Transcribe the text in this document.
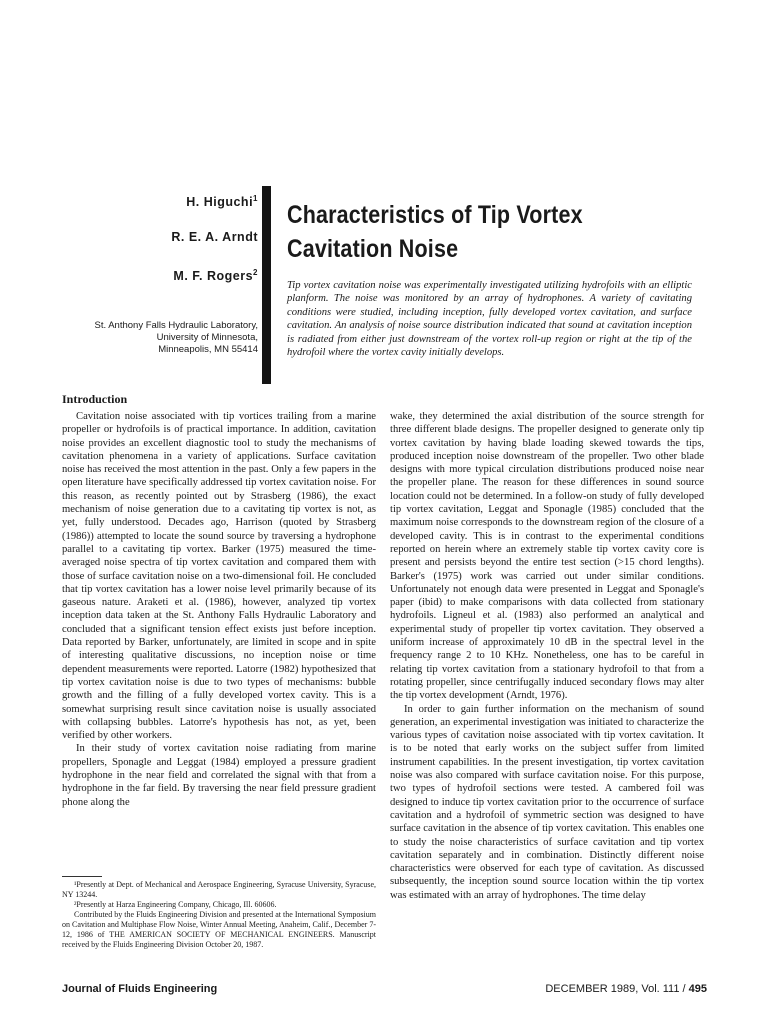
H. Higuchi$^1$

R. E. A. Arndt

M. F. Rogers$^2$

St. Anthony Falls Hydraulic Laboratory,
University of Minnesota,
Minneapolis, MN 55414
Characteristics of Tip Vortex
Cavitation Noise

Tip vortex cavitation noise was experimentally investigated utilizing hydrofoils with an elliptic planform. The noise was monitored by an array of hydrophones. A variety of cavitating conditions were studied, including inception, fully developed vortex cavitation, and surface cavitation. An analysis of noise source distribution indicated that sound at cavitation inception is radiated from either just downstream of the vortex roll-up region or right at the tip of the hydrofoil where the vortex cavity initially develops.

Introduction

Cavitation noise associated with tip vortices trailing from a marine propeller or hydrofoils is of practical importance. In addition, cavitation noise provides an excellent diagnostic tool to study the mechanisms of cavitation phenomena in a variety of applications. Surface cavitation noise has received the most attention in the past. Only a few papers in the open literature have specifically addressed tip vortex cavitation noise. For this reason, as recently pointed out by Strasberg (1986), the exact mechanism of noise generation due to a cavitating tip vortex is not, as yet, fully understood. Decades ago, Harrison (quoted by Strasberg (1986)) attempted to locate the sound source by traversing a hydrophone parallel to a cavitating tip vortex. Barker (1975) measured the time-averaged noise spectra of tip vortex cavitation and compared them with those of surface cavitation noise on a two-dimensional foil. He concluded that tip vortex cavitation has a lower noise level primarily because of its gaseous nature. Araketi et al. (1986), however, analyzed tip vortex inception data taken at the St. Anthony Falls Hydraulic Laboratory and concluded that a significant tension effect exists just before inception. Data reported by Barker, unfortunately, are limited in scope and in spite of interesting qualitative discussions, no inception noise or time dependent measurements were reported. Latorre (1982) hypothesized that tip vortex cavitation noise is due to two types of mechanisms: bubble growth and the filling of a fully developed vortex cavity. This is a somewhat surprising result since cavitation noise is usually associated with collapsing bubbles. Latorre's hypothesis has not, as yet, been verified by other workers.

In their study of vortex cavitation noise radiating from marine propellers, Sponagle and Leggat (1984) employed a pressure gradient hydrophone in the near field and correlated the signal with that from a hydrophone in the far field. By traversing the near field pressure gradient phone along the

wake, they determined the axial distribution of the source strength for three different blade designs. The propeller designed to generate only tip vortex cavitation by having blade loading skewed towards the tips, produced inception noise downstream of the propeller. Two other blade designs with more typical circulation distributions produced noise near the propeller plane. The reason for these differences in sound source location could not be determined. In a follow-on study of fully developed tip vortex cavitation, Leggat and Sponagle (1985) concluded that the maximum noise corresponds to the downstream region of the closure of a developed cavity. This is in contrast to the experimental conditions reported on herein where an extremely stable tip vortex cavity core is present and persists beyond the entire test section (>15 chord lengths). Barker's (1975) work was carried out under similar conditions. Unfortunately not enough data were presented in Leggat and Sponagle's paper (ibid) to make comparisons with data collected from stationary hydrofoils. Ligneul et al. (1983) also performed an analytical and experimental study of propeller tip vortex cavitation. They observed a uniform increase of approximately 10 dB in the spectral level in the frequency range 2 to 10 KHz. Nonetheless, one has to be careful in relating tip vortex cavitation from a stationary hydrofoil to that from a rotating propeller, since centrifugally induced secondary flows may alter the tip vortex development (Arndt, 1976).

In order to gain further information on the mechanism of sound generation, an experimental investigation was initiated to characterize the various types of cavitation noise associated with tip vortex cavitation. It is to be noted that early works on the subject suffer from limited instrument capabilities. In the present investigation, tip vortex cavitation noise was also compared with surface cavitation noise. For this purpose, two types of hydrofoil sections were tested. A cambered foil was designed to induce tip vortex cavitation prior to the occurrence of surface cavitation and a hydrofoil of symmetric section was designed to have surface cavitation in the absence of tip vortex cavitation. This enables one to study the noise characteristics of surface cavitation and tip vortex cavitation separately and in combination. Distinctly different noise characteristics were observed for each type of cavitation. As discussed subsequently, the inception sound source location within the tip vortex was estimated with an array of hydrophones. The time delay

¹Presently at Dept. of Mechanical and Aerospace Engineering, Syracuse University, Syracuse, NY 13244.

²Presently at Harza Engineering Company, Chicago, Ill. 60606.

Contributed by the Fluids Engineering Division and presented at the International Symposium on Cavitation and Multiphase Flow Noise, Winter Annual Meeting, Anaheim, Calif., December 7-12, 1986 of THE AMERICAN SOCIETY OF MECHANICAL ENGINEERS. Manuscript received by the Fluids Engineering Division October 20, 1987.

Journal of Fluids Engineering	DECEMBER 1989, Vol. 111 / 495
